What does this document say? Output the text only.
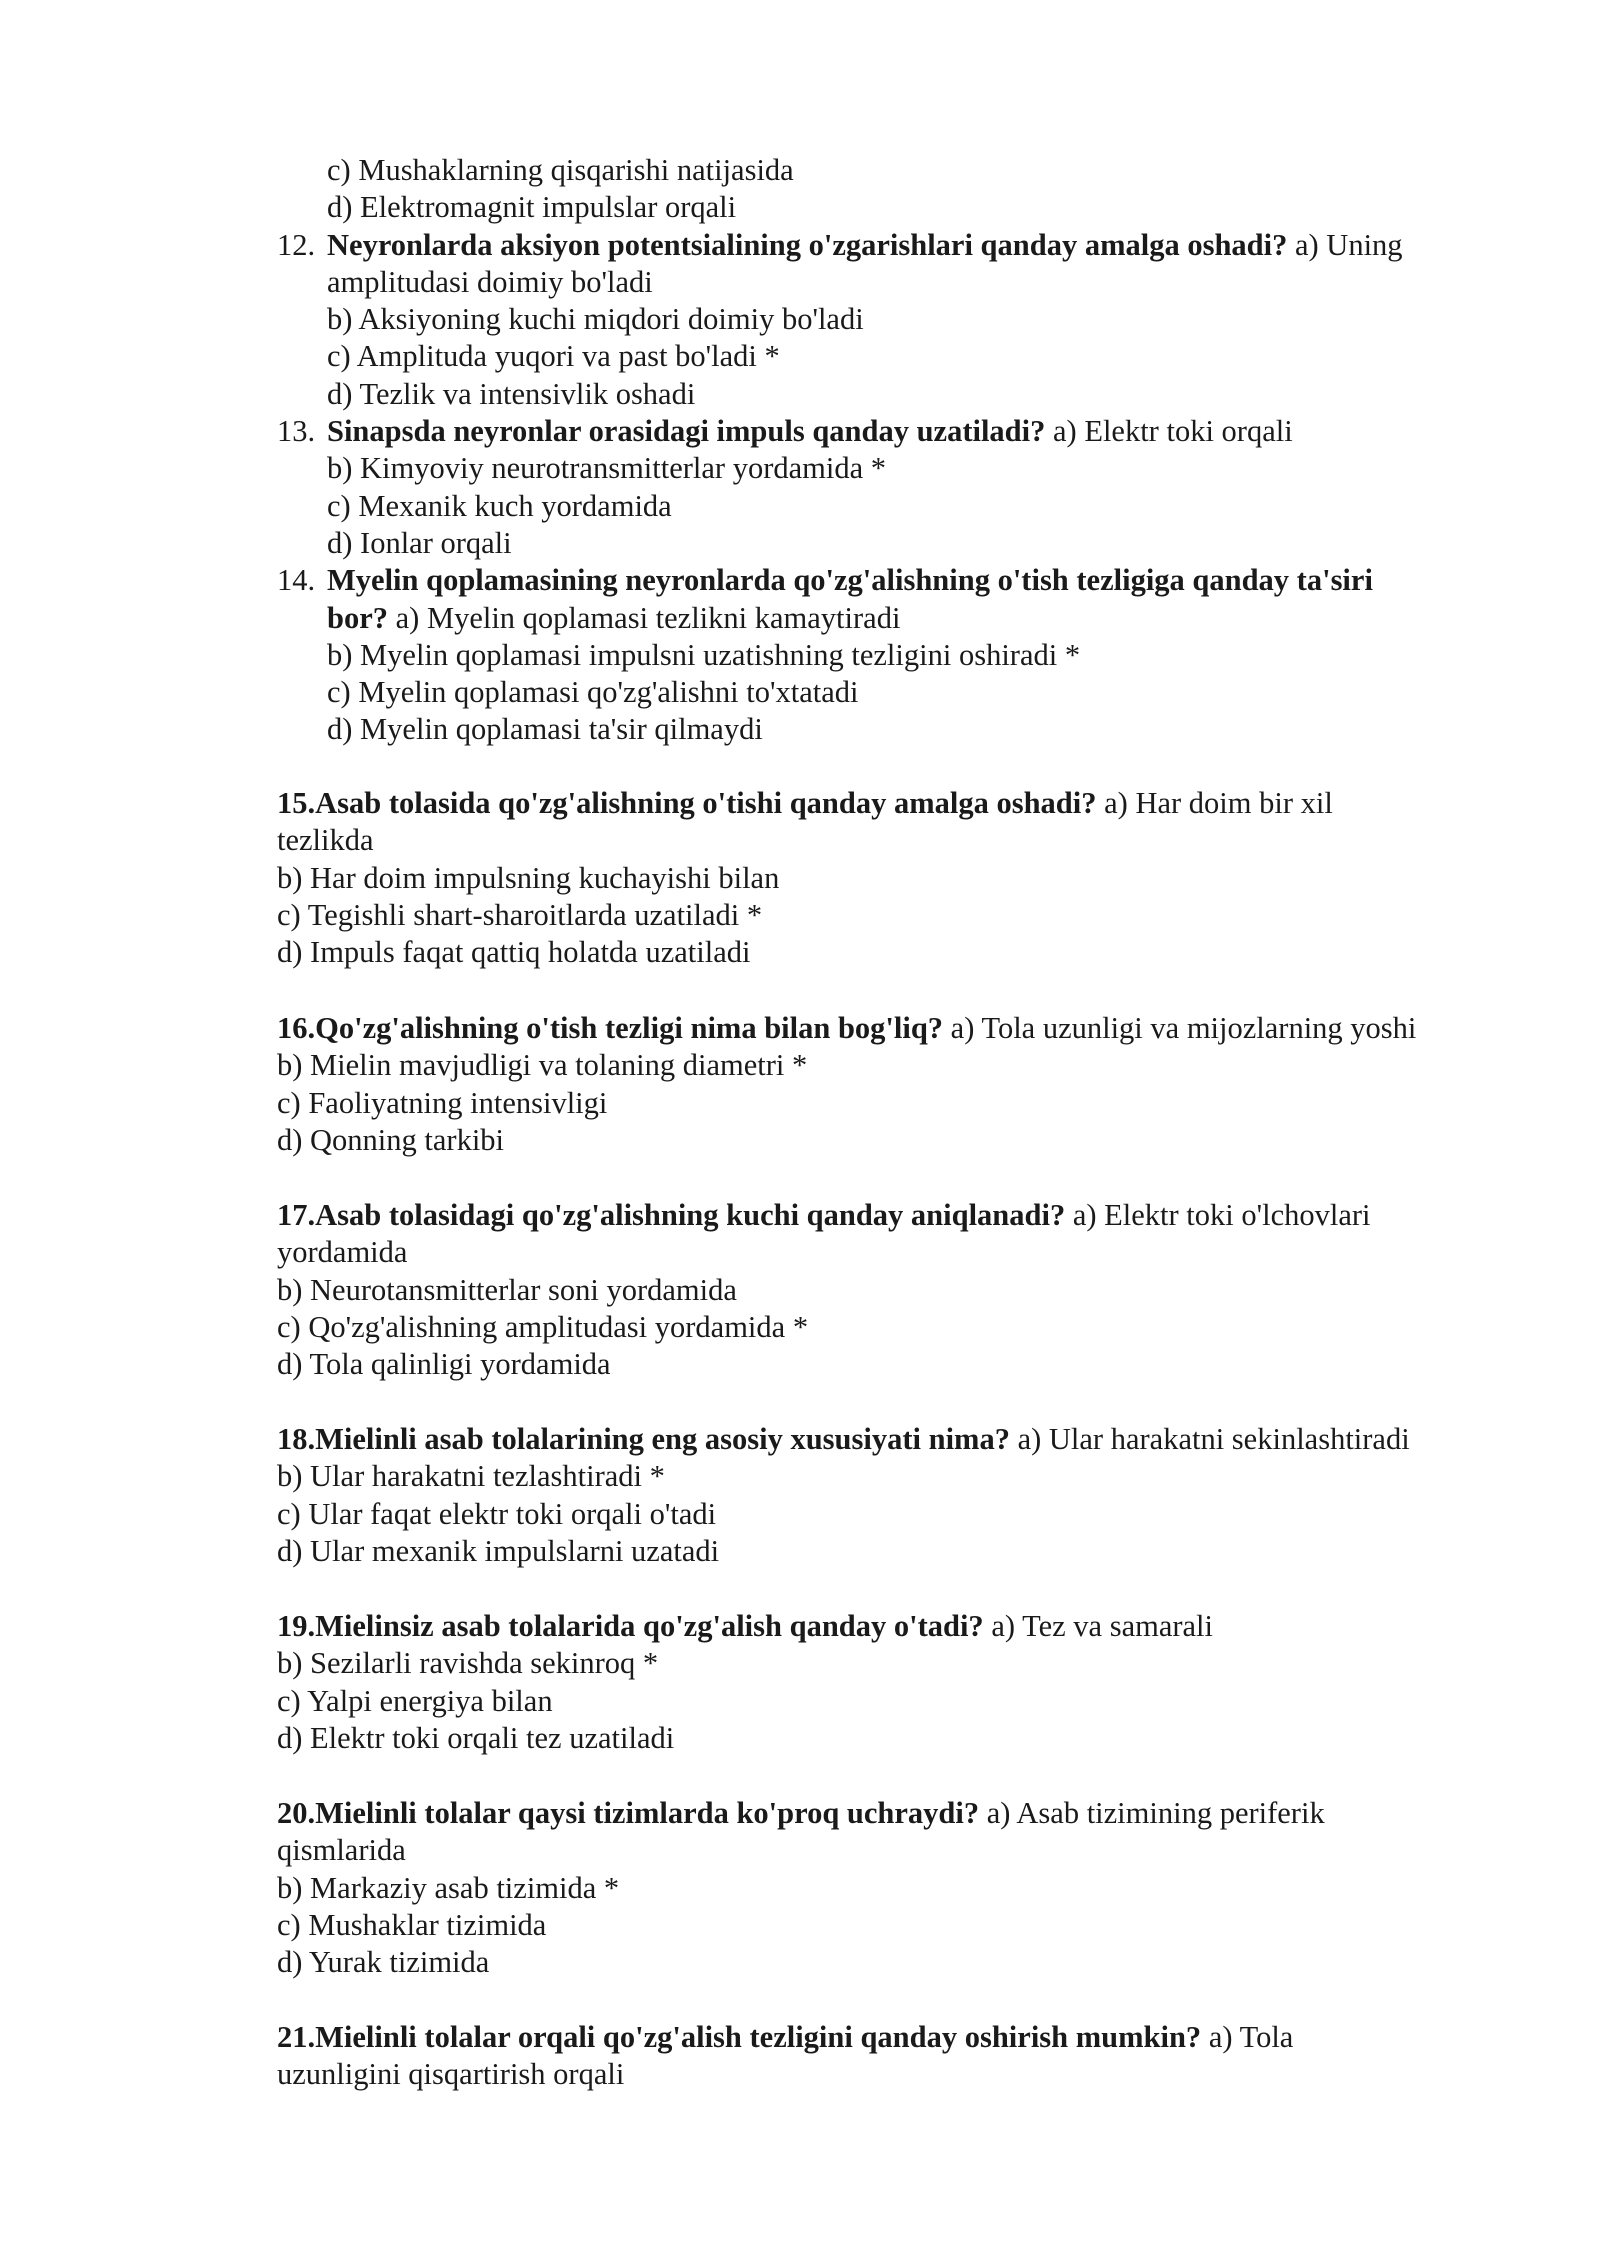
c) Mushaklarning qisqarishi natijasida
d) Elektromagnit impulslar orqali
12. Neyronlarda aksiyon potentsialining o'zgarishlari qanday amalga oshadi? a) Uning
amplitudasi doimiy bo'ladi
b) Aksiyoning kuchi miqdori doimiy bo'ladi
c) Amplituda yuqori va past bo'ladi *
d) Tezlik va intensivlik oshadi
13. Sinapsda neyronlar orasidagi impuls qanday uzatiladi? a) Elektr toki orqali
b) Kimyoviy neurotransmitterlar yordamida *
c) Mexanik kuch yordamida
d) Ionlar orqali
14. Myelin qoplamasining neyronlarda qo'zg'alishning o'tish tezligiga qanday ta'siri
bor? a) Myelin qoplamasi tezlikni kamaytiradi
b) Myelin qoplamasi impulsni uzatishning tezligini oshiradi *
c) Myelin qoplamasi qo'zg'alishni to'xtatadi
d) Myelin qoplamasi ta'sir qilmaydi
15.Asab tolasida qo'zg'alishning o'tishi qanday amalga oshadi? a) Har doim bir xil
tezlikda
b) Har doim impulsning kuchayishi bilan
c) Tegishli shart-sharoitlarda uzatiladi *
d) Impuls faqat qattiq holatda uzatiladi
16.Qo'zg'alishning o'tish tezligi nima bilan bog'liq? a) Tola uzunligi va mijozlarning yoshi
b) Mielin mavjudligi va tolaning diametri *
c) Faoliyatning intensivligi
d) Qonning tarkibi
17.Asab tolasidagi qo'zg'alishning kuchi qanday aniqlanadi? a) Elektr toki o'lchovlari
yordamida
b) Neurotansmitterlar soni yordamida
c) Qo'zg'alishning amplitudasi yordamida *
d) Tola qalinligi yordamida
18.Mielinli asab tolalarining eng asosiy xususiyati nima? a) Ular harakatni sekinlashtiradi
b) Ular harakatni tezlashtiradi *
c) Ular faqat elektr toki orqali o'tadi
d) Ular mexanik impulslarni uzatadi
19.Mielinsiz asab tolalarida qo'zg'alish qanday o'tadi? a) Tez va samarali
b) Sezilarli ravishda sekinroq *
c) Yalpi energiya bilan
d) Elektr toki orqali tez uzatiladi
20.Mielinli tolalar qaysi tizimlarda ko'proq uchraydi? a) Asab tizimining periferik
qismlarida
b) Markaziy asab tizimida *
c) Mushaklar tizimida
d) Yurak tizimida
21.Mielinli tolalar orqali qo'zg'alish tezligini qanday oshirish mumkin? a) Tola
uzunligini qisqartirish orqali
